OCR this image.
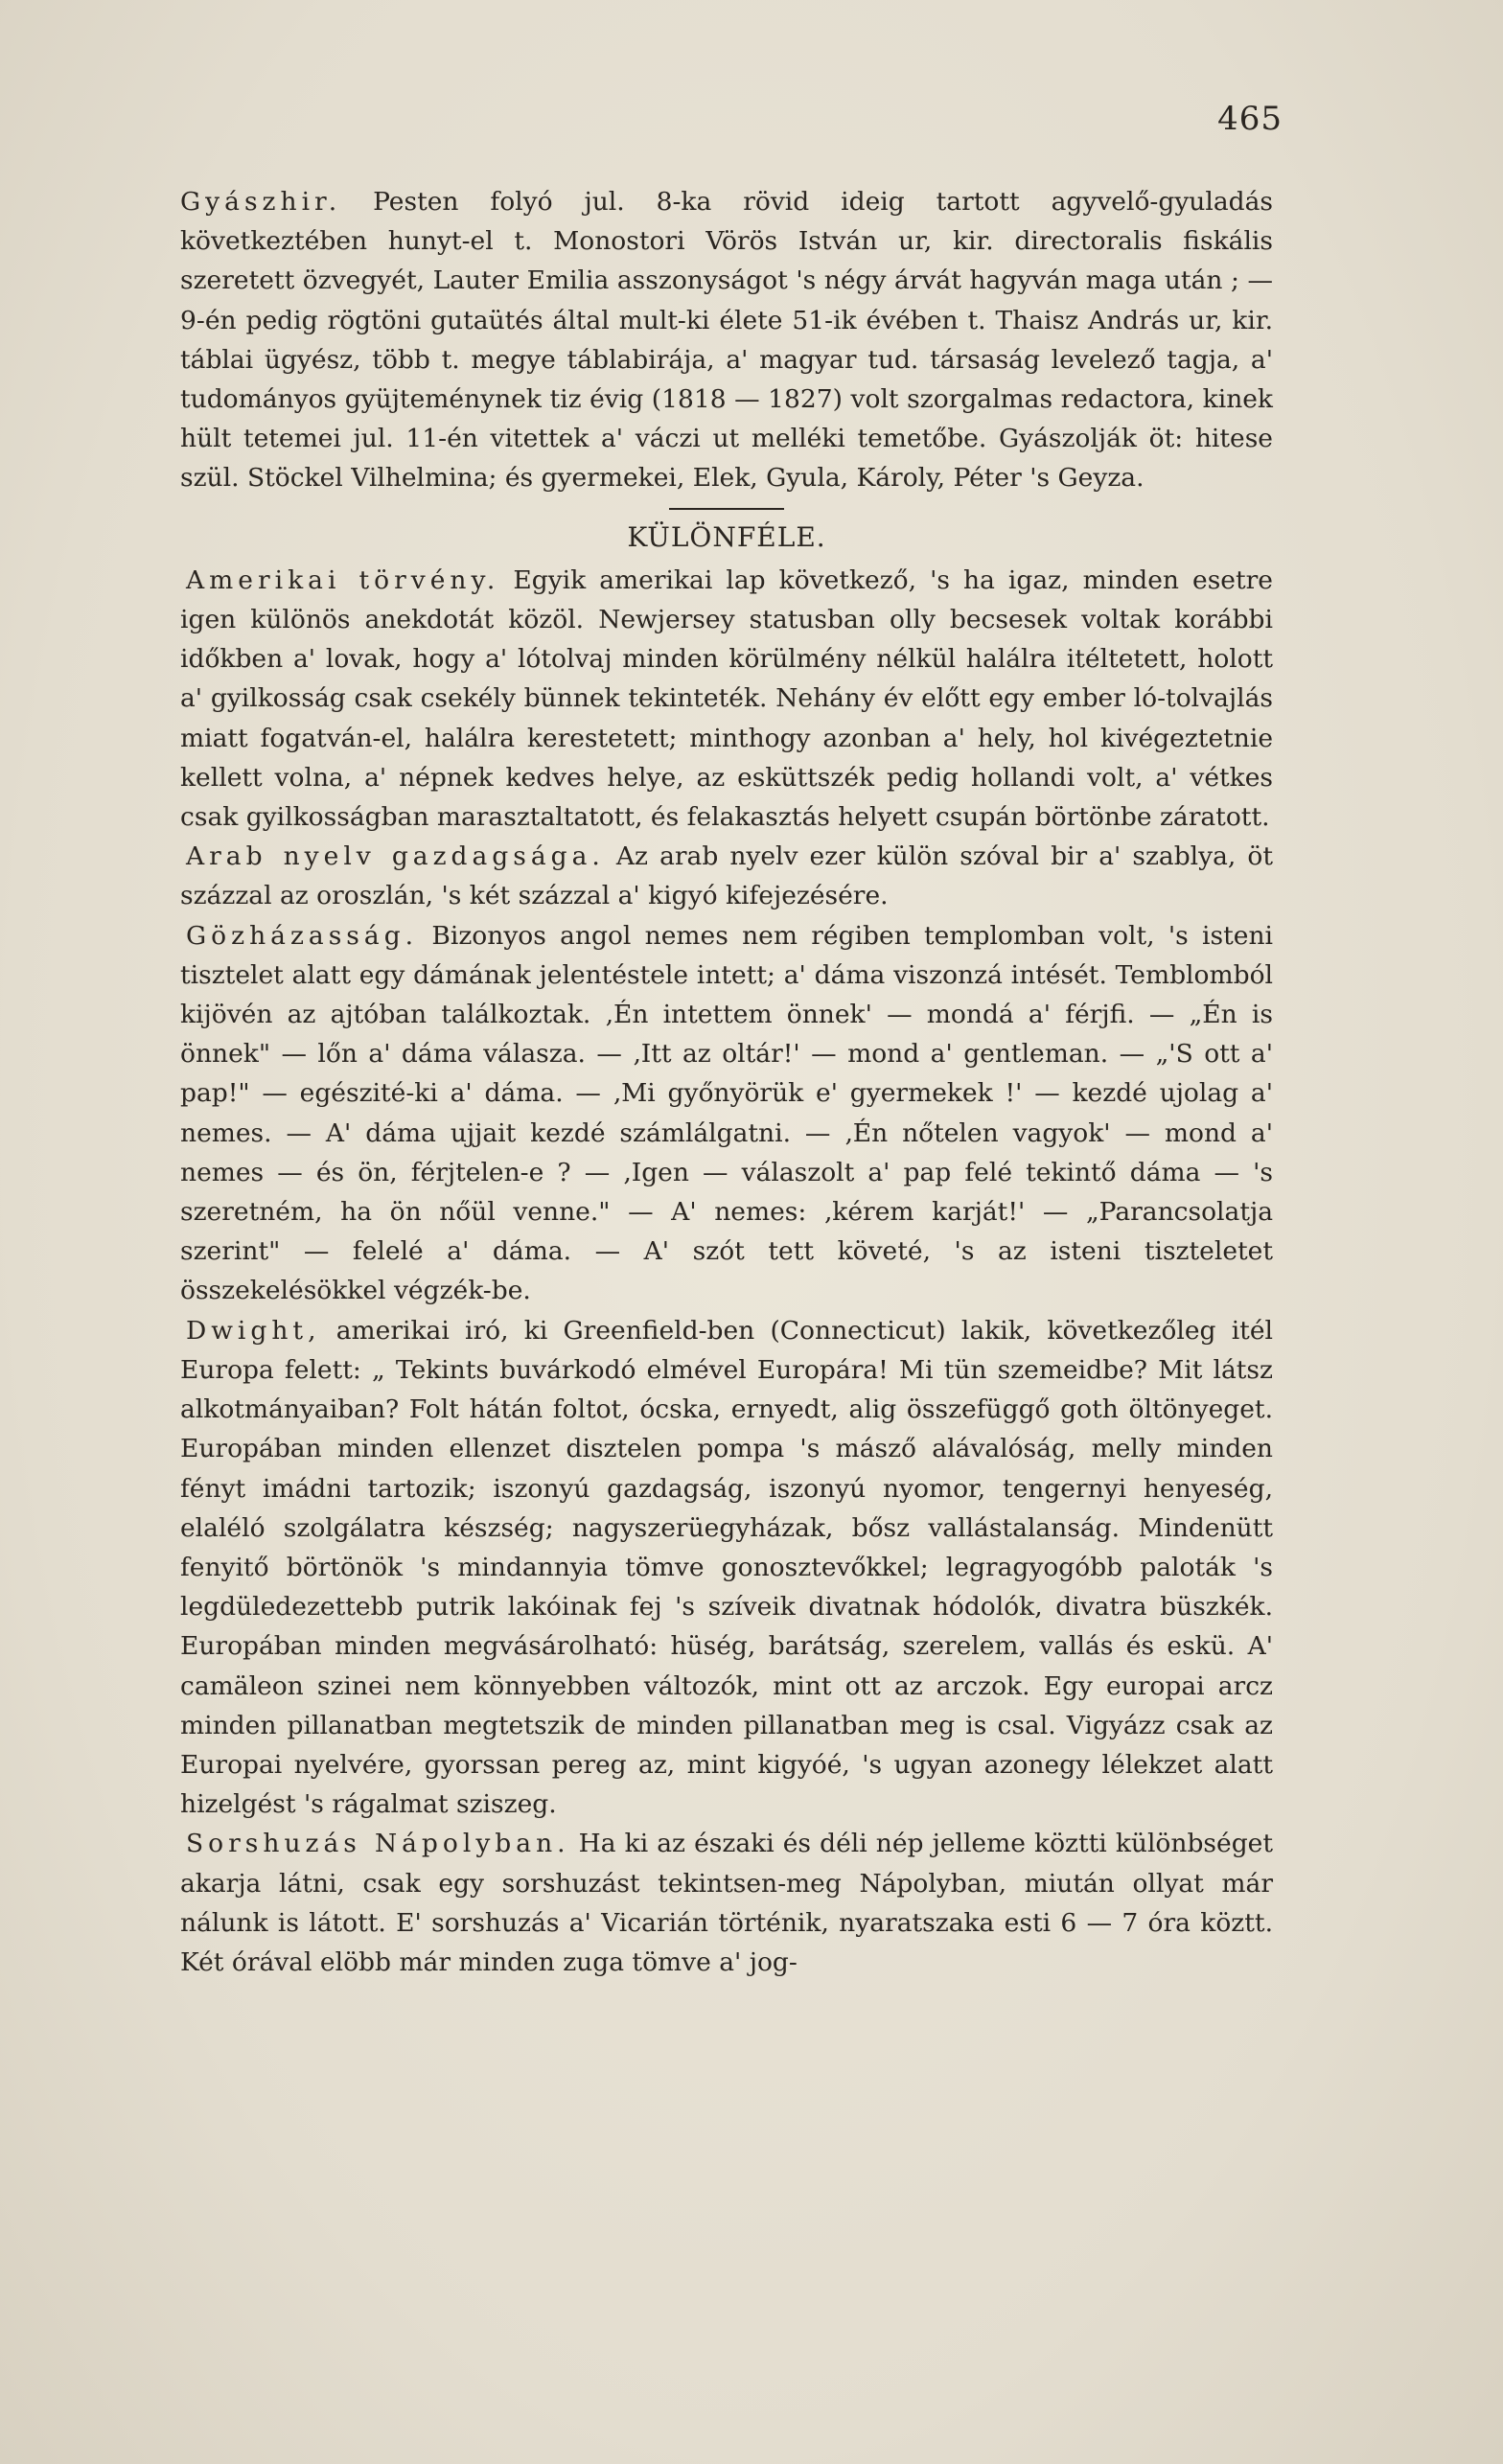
465

Gyászhir. Pesten folyó jul. 8-ka rövid ideig tartott agyvelő-gyuladás következtében hunyt-el t. Monostori Vörös István ur, kir. directoralis fiskális szeretett özvegyét, Lauter Emilia asszonyságot 's négy árvát hagyván maga után ; — 9-én pedig rögtöni gutaütés által mult-ki élete 51-ik évében t. Thaisz András ur, kir. táblai ügyész, több t. megye táblabirája, a' magyar tud. társaság levelező tagja, a' tudományos gyüjteménynek tiz évig (1818 — 1827) volt szorgalmas redactora, kinek hült tetemei jul. 11-én vitettek a' váczi ut melléki temetőbe. Gyászolják öt: hitese szül. Stöckel Vilhelmina; és gyermekei, Elek, Gyula, Károly, Péter 's Geyza.

KÜLÖNFÉLE.

Amerikai törvény. Egyik amerikai lap következő, 's ha igaz, minden esetre igen különös anekdotát közöl. Newjersey statusban olly becsesek voltak korábbi időkben a' lovak, hogy a' lótolvaj minden körülmény nélkül halálra itéltetett, holott a' gyilkosság csak csekély bünnek tekinteték. Nehány év előtt egy ember ló-tolvajlás miatt fogatván-el, halálra kerestetett; minthogy azonban a' hely, hol kivégeztetnie kellett volna, a' népnek kedves helye, az esküttszék pedig hollandi volt, a' vétkes csak gyilkosságban marasztaltatott, és felakasztás helyett csupán börtönbe záratott.

Arab nyelv gazdagsága. Az arab nyelv ezer külön szóval bir a' szablya, öt százzal az oroszlán, 's két százzal a' kigyó kifejezésére.

Gözházasság. Bizonyos angol nemes nem régiben templomban volt, 's isteni tisztelet alatt egy dámának jelentéstele intett; a' dáma viszonzá intését. Temblomból kijövén az ajtóban találkoztak. ‚Én intettem önnek' — mondá a' férjfi. — „Én is önnek" — lőn a' dáma válasza. — ‚Itt az oltár!' — mond a' gentleman. — „'S ott a' pap!" — egészité-ki a' dáma. — ‚Mi győnyörük e' gyermekek !' — kezdé ujolag a' nemes. — A' dáma ujjait kezdé számlálgatni. — ‚Én nőtelen vagyok' — mond a' nemes — és ön, férjtelen-e ? — ‚Igen — válaszolt a' pap felé tekintő dáma — 's szeretném, ha ön nőül venne." — A' nemes: ‚kérem karját!' — „Parancsolatja szerint" — felelé a' dáma. — A' szót tett követé, 's az isteni tiszteletet összekelésökkel végzék-be.

Dwight, amerikai iró, ki Greenfield-ben (Connecticut) lakik, következőleg itél Europa felett: „ Tekints buvárkodó elmével Europára! Mi tün szemeidbe? Mit látsz alkotmányaiban? Folt hátán foltot, ócska, ernyedt, alig összefüggő goth öltönyeget. Europában minden ellenzet disztelen pompa 's másző alávalóság, melly minden fényt imádni tartozik; iszonyú gazdagság, iszonyú nyomor, tengernyi henyeség, elaléló szolgálatra készség; nagyszerüegyházak, bősz vallástalanság. Mindenütt fenyitő börtönök 's mindannyia tömve gonosztevőkkel; legragyogóbb paloták 's legdüledezettebb putrik lakóinak fej 's szíveik divatnak hódolók, divatra büszkék. Europában minden megvásárolható: hüség, barátság, szerelem, vallás és eskü. A' camäleon szinei nem könnyebben változók, mint ott az arczok. Egy europai arcz minden pillanatban megtetszik de minden pillanatban meg is csal. Vigyázz csak az Europai nyelvére, gyorssan pereg az, mint kigyóé, 's ugyan azonegy lélekzet alatt hizelgést 's rágalmat sziszeg.

Sorshuzás Nápolyban. Ha ki az északi és déli nép jelleme köztti különbséget akarja látni, csak egy sorshuzást tekintsen-meg Nápolyban, miután ollyat már nálunk is látott. E' sorshuzás a' Vicarián történik, nyaratszaka esti 6 — 7 óra köztt. Két órával elöbb már minden zuga tömve a' jog-
